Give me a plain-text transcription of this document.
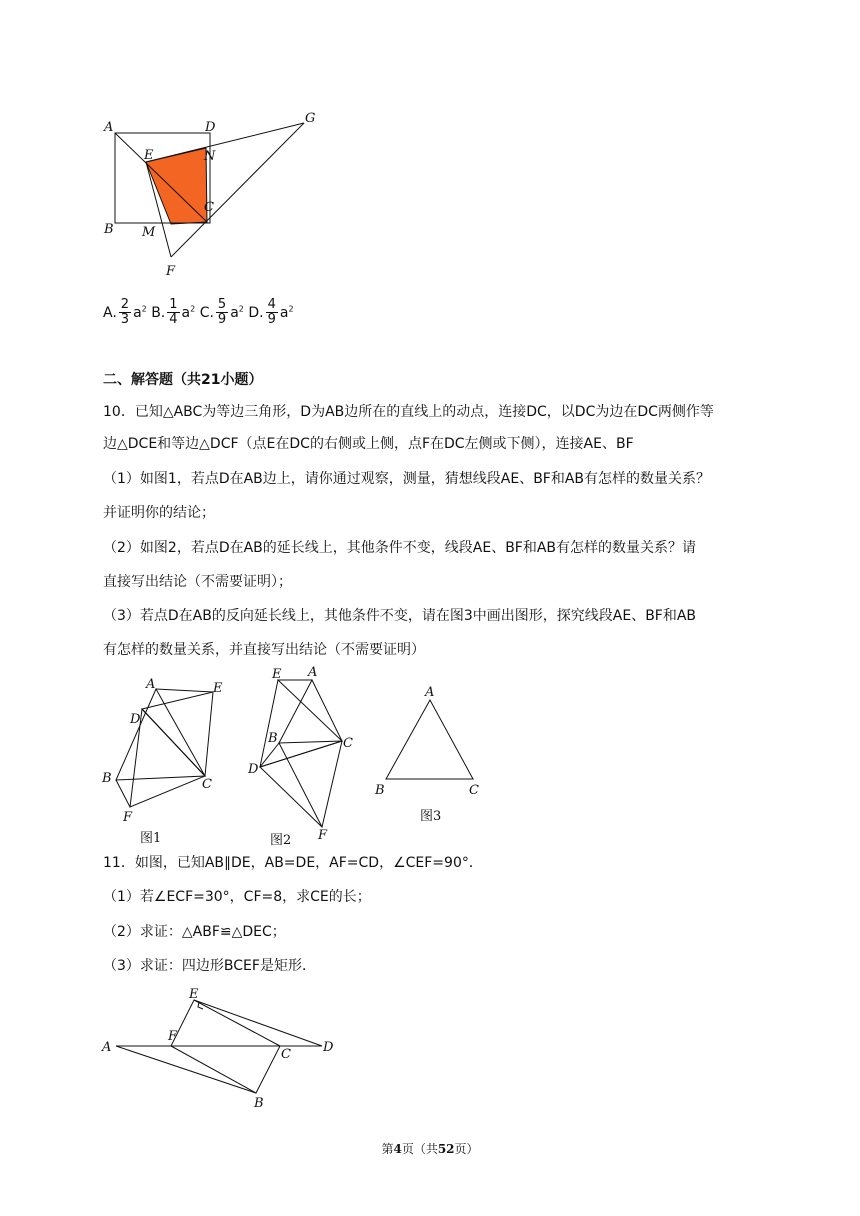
A	D
G
E	N
C
B M
F
A. $\frac{2}{3} a^2$ B. $\frac{1}{4} a^2$ C. $\frac{5}{9} a^2$ D. $\frac{4}{9} a^2$
二、解答题（共21小题）
10．已知△ABC为等边三角形，D为AB边所在的直线上的动点，连接DC，以DC为边在DC两侧作等
边△DCE和等边△DCF（点E在DC的右侧或上侧，点F在DC左侧或下侧），连接AE、BF
（1）如图1，若点D在AB边上，请你通过观察，测量，猜想线段AE、BF和AB有怎样的数量关系？
并证明你的结论；
（2）如图2，若点D在AB的延长线上，其他条件不变，线段AE、BF和AB有怎样的数量关系？请
直接写出结论（不需要证明）；
（3）若点D在AB的反向延长线上，其他条件不变，请在图3中画出图形，探究线段AE、BF和AB
有怎样的数量关系，并直接写出结论（不需要证明）
A	E
D
B	C
F
图1
E A
B	C
D
F
图2
A
B	C
图3
11．如图，已知AB∥DE，AB=DE，AF=CD，∠CEF=90°．
（1）若∠ECF=30°，CF=8，求CE的长；
（2）求证：△ABF≌△DEC；
（3）求证：四边形BCEF是矩形．
E
F
A	C D
B
第4页（共52页）
